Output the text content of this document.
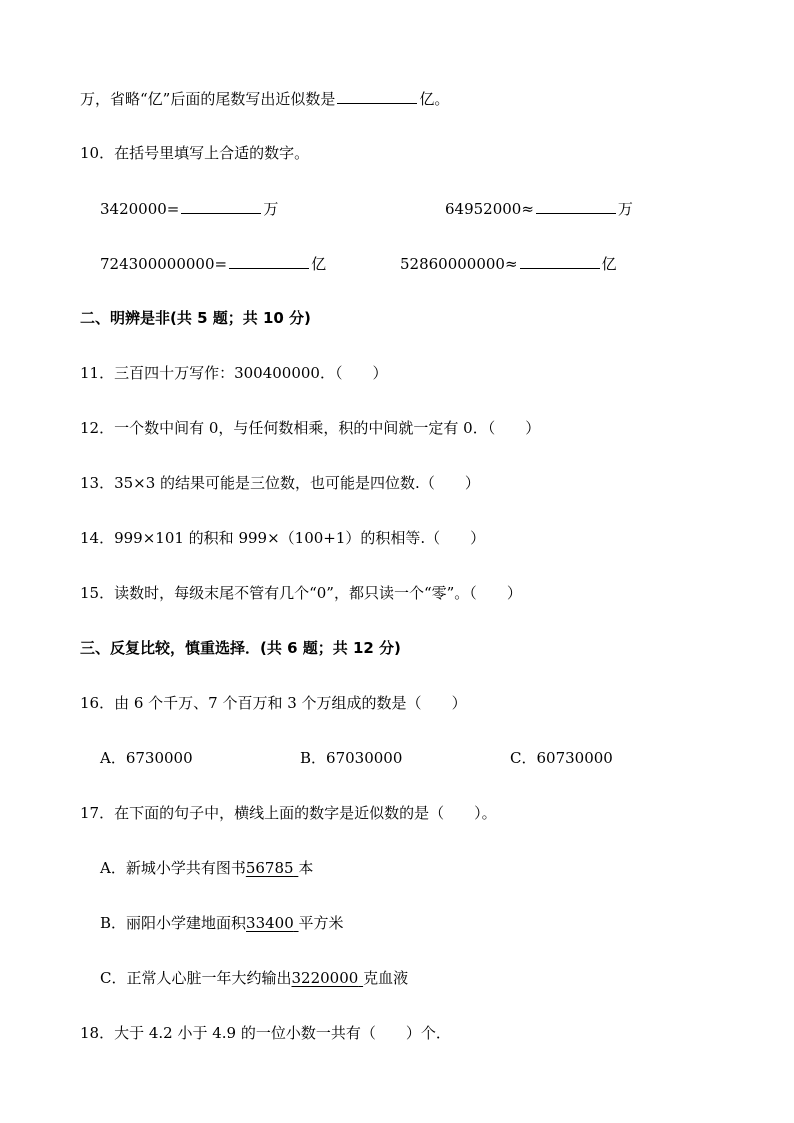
万，省略“亿”后面的尾数写出近似数是	亿。
10．在括号里填写上合适的数字。
3420000=	万	64952000≈	万
724300000000=	亿	52860000000≈	亿
二、明辨是非(共 5 题；共 10 分)
11．三百四十万写作：300400000．（ ）
12．一个数中间有 0，与任何数相乘，积的中间就一定有 0．（ ）
13．35×3 的结果可能是三位数，也可能是四位数.（ ）
14．999×101 的积和 999×（100+1）的积相等.（ ）
15．读数时，每级末尾不管有几个“0”，都只读一个“零”。（ ）
三、反复比较，慎重选择．(共 6 题；共 12 分)
16．由 6 个千万、7 个百万和 3 个万组成的数是（ ）
A．6730000	B．67030000	C．60730000
17．在下面的句子中，横线上面的数字是近似数的是（ ）。
A．新城小学共有图书56785 本
B．丽阳小学建地面积33400 平方米
C．正常人心脏一年大约输出3220000 克血液
18．大于 4.2 小于 4.9 的一位小数一共有（ ）个．
